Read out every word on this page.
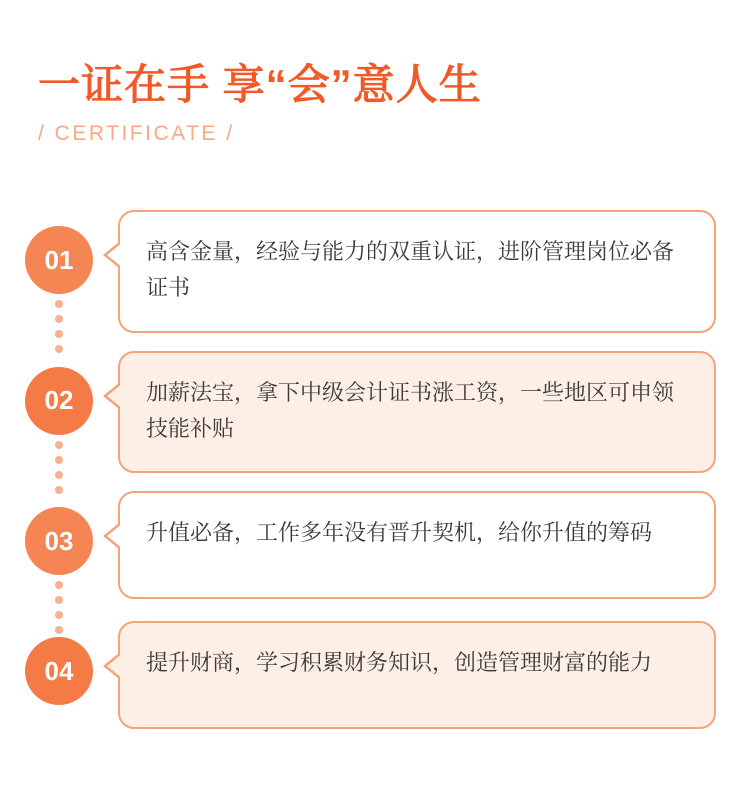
一证在手 享“会”意人生
/ CERTIFICATE /
01	高含金量，经验与能力的双重认证，进阶管理岗位必备证书
02	加薪法宝，拿下中级会计证书涨工资，一些地区可申领技能补贴
03	升值必备，工作多年没有晋升契机，给你升值的筹码
04	提升财商，学习积累财务知识，创造管理财富的能力
